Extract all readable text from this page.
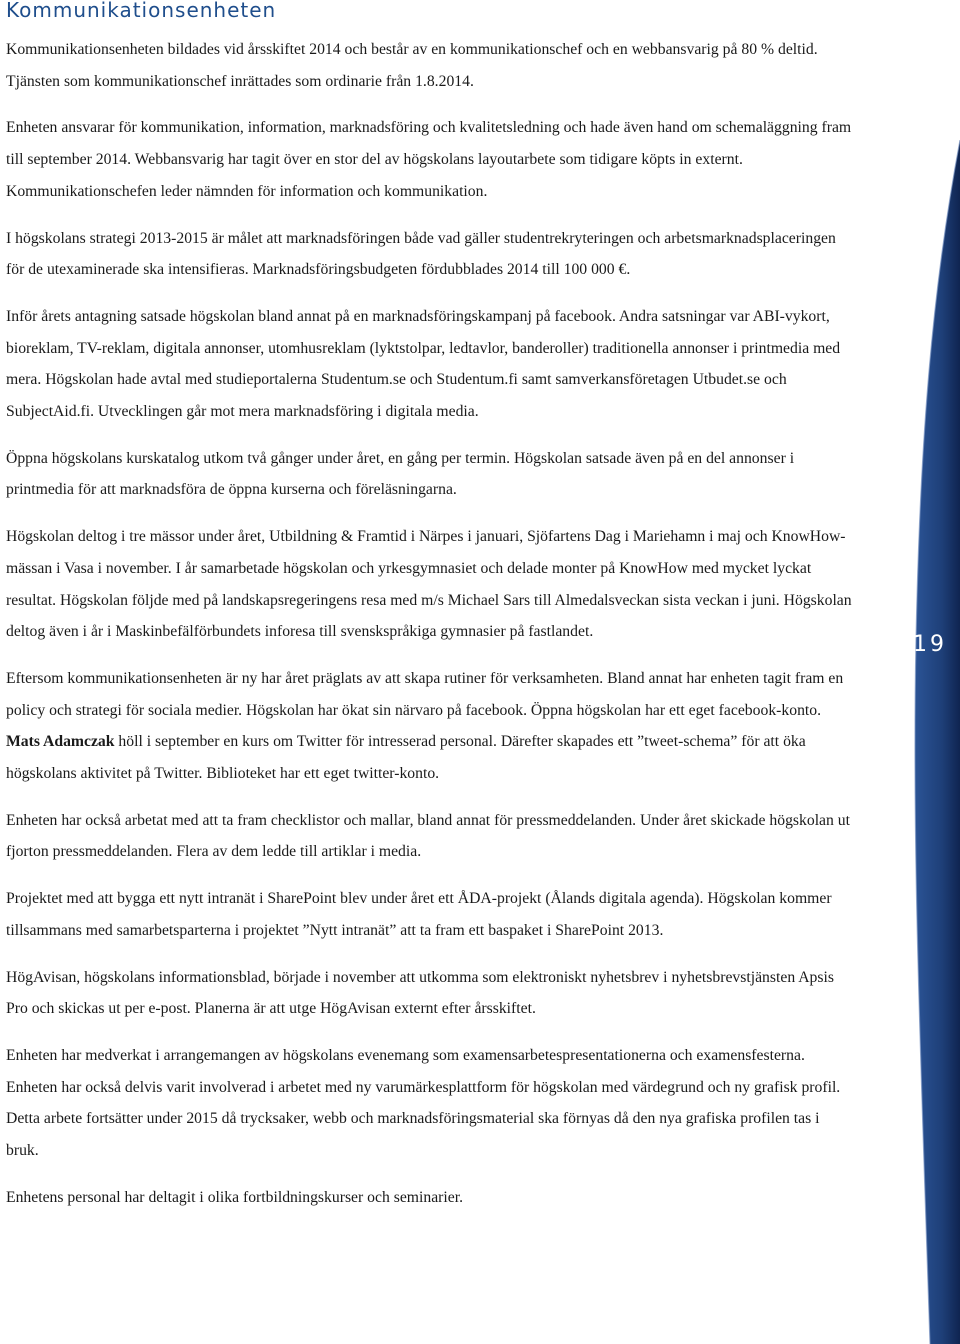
Kommunikationsenheten
19

Kommunikationsenheten bildades vid årsskiftet 2014 och består av en kommunikationschef och en webbansvarig på 80 % deltid. Tjänsten som kommunikationschef inrättades som ordinarie från 1.8.2014.

Enheten ansvarar för kommunikation, information, marknadsföring och kvalitetsledning och hade även hand om schemaläggning fram till september 2014. Webbansvarig har tagit över en stor del av högskolans layoutarbete som tidigare köpts in externt. Kommunikationschefen leder nämnden för information och kommunikation.

I högskolans strategi 2013-2015 är målet att marknadsföringen både vad gäller studentrekryteringen och arbetsmarknadsplaceringen för de utexaminerade ska intensifieras. Marknadsföringsbudgeten fördubblades 2014 till 100 000 €.

Inför årets antagning satsade högskolan bland annat på en marknadsföringskampanj på facebook. Andra satsningar var ABI-vykort, bioreklam, TV-reklam, digitala annonser, utomhusreklam (lyktstolpar, ledtavlor, banderoller) traditionella annonser i printmedia med mera. Högskolan hade avtal med studieportalerna Studentum.se och Studentum.fi samt samverkansföretagen Utbudet.se och SubjectAid.fi. Utvecklingen går mot mera marknadsföring i digitala media.

Öppna högskolans kurskatalog utkom två gånger under året, en gång per termin. Högskolan satsade även på en del annonser i printmedia för att marknadsföra de öppna kurserna och föreläsningarna.

Högskolan deltog i tre mässor under året, Utbildning & Framtid i Närpes i januari, Sjöfartens Dag i Mariehamn i maj och KnowHow-mässan i Vasa i november. I år samarbetade högskolan och yrkesgymnasiet och delade monter på KnowHow med mycket lyckat resultat. Högskolan följde med på landskapsregeringens resa med m/s Michael Sars till Almedalsveckan sista veckan i juni. Högskolan deltog även i år i Maskinbefälförbundets inforesa till svenskspråkiga gymnasier på fastlandet.

Eftersom kommunikationsenheten är ny har året präglats av att skapa rutiner för verksamheten. Bland annat har enheten tagit fram en policy och strategi för sociala medier. Högskolan har ökat sin närvaro på facebook. Öppna högskolan har ett eget facebook-konto. Mats Adamczak höll i september en kurs om Twitter för intresserad personal. Därefter skapades ett ”tweet-schema” för att öka högskolans aktivitet på Twitter. Biblioteket har ett eget twitter-konto.

Enheten har också arbetat med att ta fram checklistor och mallar, bland annat för pressmeddelanden. Under året skickade högskolan ut fjorton pressmeddelanden. Flera av dem ledde till artiklar i media.

Projektet med att bygga ett nytt intranät i SharePoint blev under året ett ÅDA-projekt (Ålands digitala agenda). Högskolan kommer tillsammans med samarbetsparterna i projektet ”Nytt intranät” att ta fram ett baspaket i SharePoint 2013.

HögAvisan, högskolans informationsblad, började i november att utkomma som elektroniskt nyhetsbrev i nyhetsbrevstjänsten Apsis Pro och skickas ut per e-post. Planerna är att utge HögAvisan externt efter årsskiftet.

Enheten har medverkat i arrangemangen av högskolans evenemang som examensarbetespresentationerna och examensfesterna. Enheten har också delvis varit involverad i arbetet med ny varumärkesplattform för högskolan med värdegrund och ny grafisk profil. Detta arbete fortsätter under 2015 då trycksaker, webb och marknadsföringsmaterial ska förnyas då den nya grafiska profilen tas i bruk.

Enhetens personal har deltagit i olika fortbildningskurser och seminarier.
